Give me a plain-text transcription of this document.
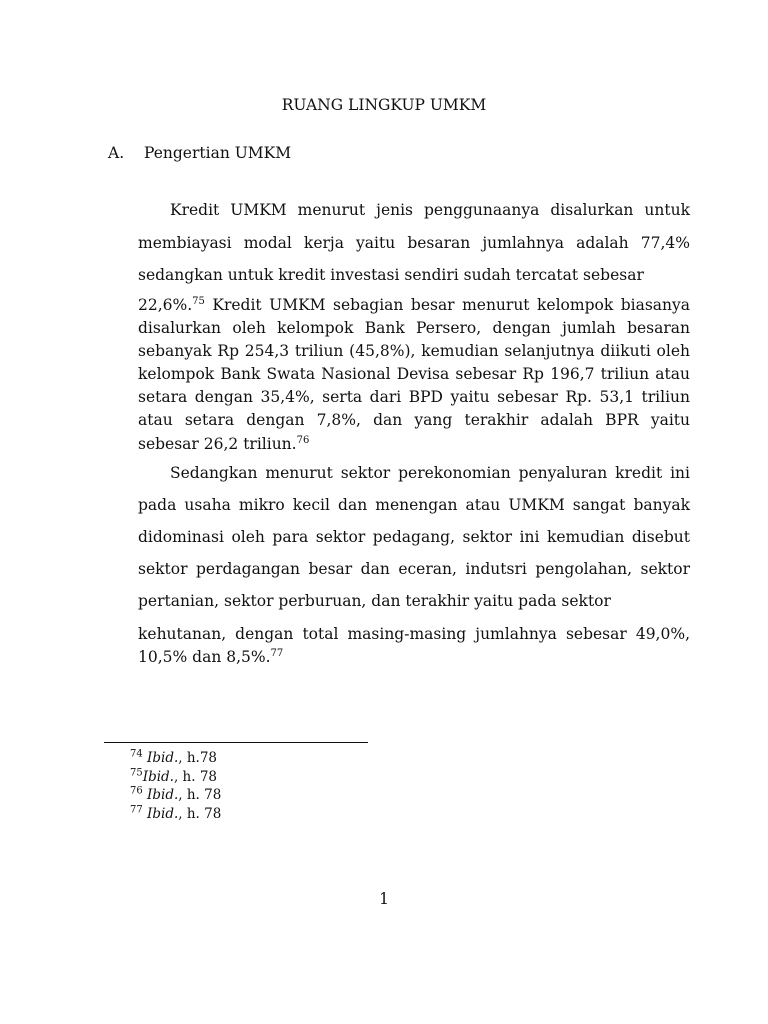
RUANG LINGKUP UMKM
A. Pengertian UMKM

Kredit UMKM menurut jenis penggunaanya disalurkan untuk membiayasi modal kerja yaitu besaran jumlahnya adalah 77,4% sedangkan untuk kredit investasi sendiri sudah tercatat sebesar

22,6%.$^{75}$ Kredit UMKM sebagian besar menurut kelompok biasanya disalurkan oleh kelompok Bank Persero, dengan jumlah besaran sebanyak Rp 254,3 triliun (45,8%), kemudian selanjutnya diikuti oleh kelompok Bank Swata Nasional Devisa sebesar Rp 196,7 triliun atau setara dengan 35,4%, serta dari BPD yaitu sebesar Rp. 53,1 triliun atau setara dengan 7,8%, dan yang terakhir adalah BPR yaitu sebesar 26,2 triliun.$^{76}$

Sedangkan menurut sektor perekonomian penyaluran kredit ini pada usaha mikro kecil dan menengan atau UMKM sangat banyak didominasi oleh para sektor pedagang, sektor ini kemudian disebut sektor perdagangan besar dan eceran, indutsri pengolahan, sektor pertanian, sektor perburuan, dan terakhir yaitu pada sektor

kehutanan, dengan total masing-masing jumlahnya sebesar 49,0%, 10,5% dan 8,5%.$^{77}$

$^{74}$ Ibid., h.78
$^{75}$Ibid., h. 78
$^{76}$ Ibid., h. 78
$^{77}$ Ibid., h. 78
1
